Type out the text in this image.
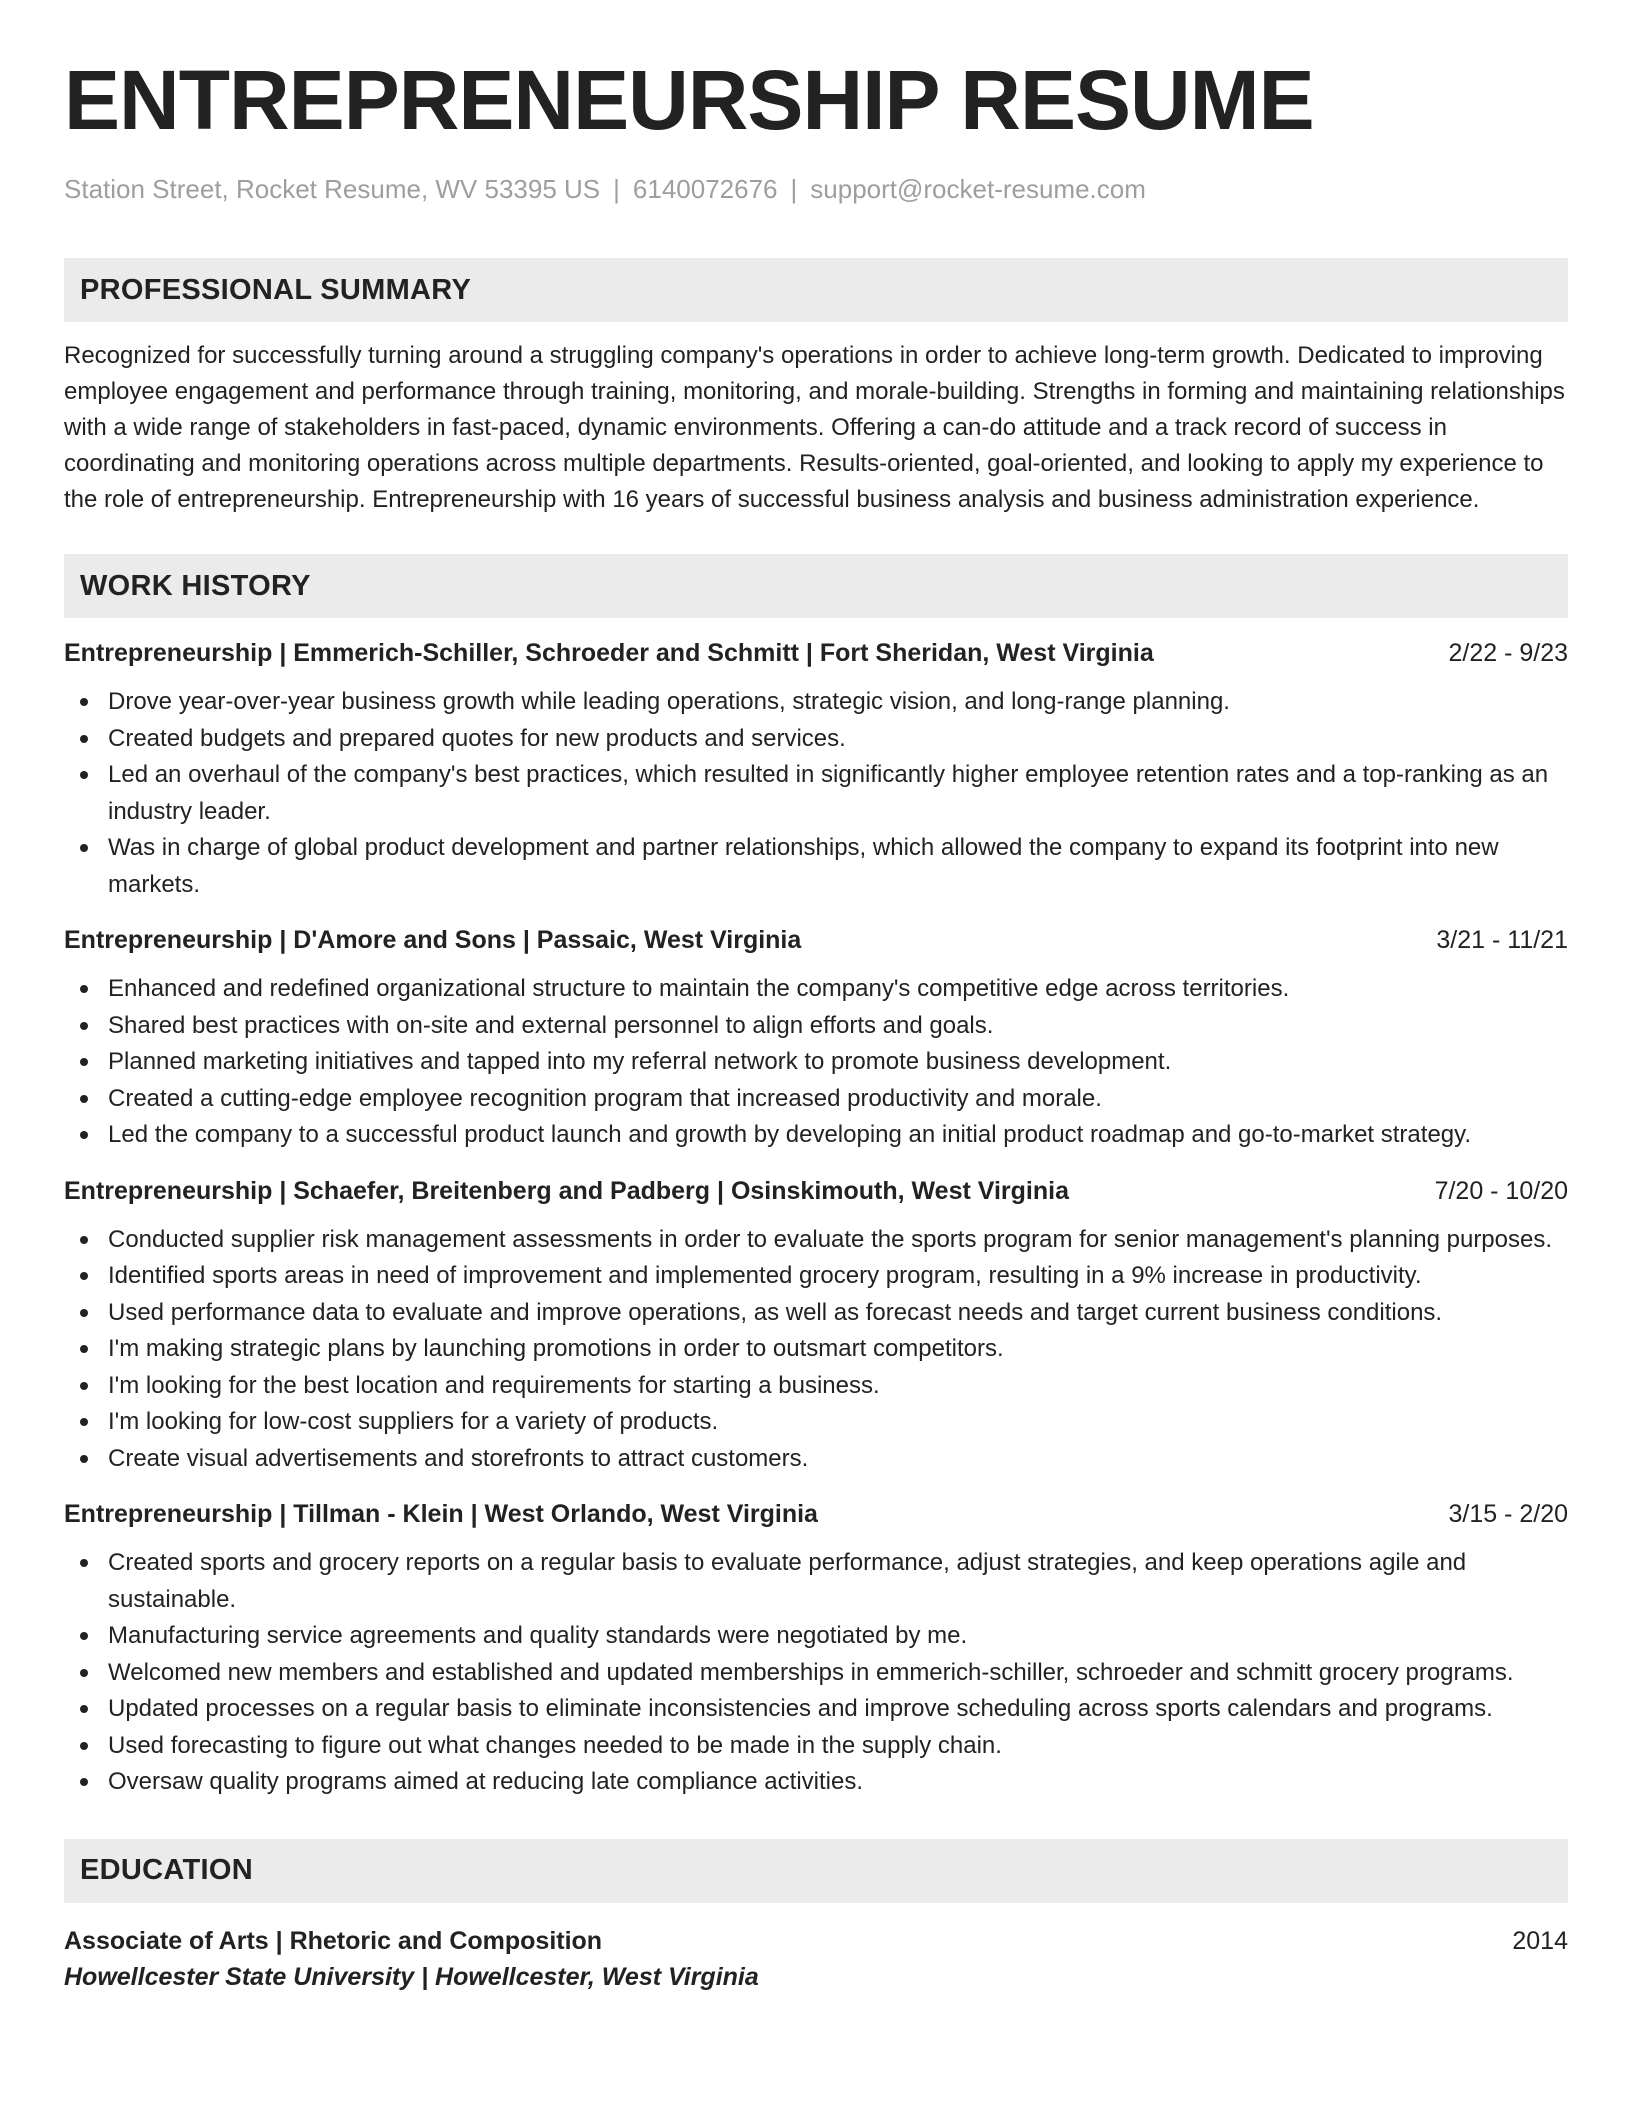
ENTREPRENEURSHIP RESUME
Station Street, Rocket Resume, WV 53395 US | 6140072676 | support@rocket-resume.com
PROFESSIONAL SUMMARY

Recognized for successfully turning around a struggling company's operations in order to achieve long-term growth. Dedicated to improving employee engagement and performance through training, monitoring, and morale-building. Strengths in forming and maintaining relationships with a wide range of stakeholders in fast-paced, dynamic environments. Offering a can-do attitude and a track record of success in coordinating and monitoring operations across multiple departments. Results-oriented, goal-oriented, and looking to apply my experience to the role of entrepreneurship. Entrepreneurship with 16 years of successful business analysis and business administration experience.

WORK HISTORY
Entrepreneurship | Emmerich-Schiller, Schroeder and Schmitt | Fort Sheridan, West Virginia	2/22 - 9/23
Drove year-over-year business growth while leading operations, strategic vision, and long-range planning.
Created budgets and prepared quotes for new products and services.
Led an overhaul of the company's best practices, which resulted in significantly higher employee retention rates and a top-ranking as an industry leader.
Was in charge of global product development and partner relationships, which allowed the company to expand its footprint into new markets.
Entrepreneurship | D'Amore and Sons | Passaic, West Virginia	3/21 - 11/21
Enhanced and redefined organizational structure to maintain the company's competitive edge across territories.
Shared best practices with on-site and external personnel to align efforts and goals.
Planned marketing initiatives and tapped into my referral network to promote business development.
Created a cutting-edge employee recognition program that increased productivity and morale.
Led the company to a successful product launch and growth by developing an initial product roadmap and go-to-market strategy.
Entrepreneurship | Schaefer, Breitenberg and Padberg | Osinskimouth, West Virginia	7/20 - 10/20
Conducted supplier risk management assessments in order to evaluate the sports program for senior management's planning purposes.
Identified sports areas in need of improvement and implemented grocery program, resulting in a 9% increase in productivity.
Used performance data to evaluate and improve operations, as well as forecast needs and target current business conditions.
I'm making strategic plans by launching promotions in order to outsmart competitors.
I'm looking for the best location and requirements for starting a business.
I'm looking for low-cost suppliers for a variety of products.
Create visual advertisements and storefronts to attract customers.
Entrepreneurship | Tillman - Klein | West Orlando, West Virginia	3/15 - 2/20
Created sports and grocery reports on a regular basis to evaluate performance, adjust strategies, and keep operations agile and sustainable.
Manufacturing service agreements and quality standards were negotiated by me.
Welcomed new members and established and updated memberships in emmerich-schiller, schroeder and schmitt grocery programs.
Updated processes on a regular basis to eliminate inconsistencies and improve scheduling across sports calendars and programs.
Used forecasting to figure out what changes needed to be made in the supply chain.
Oversaw quality programs aimed at reducing late compliance activities.
EDUCATION
Associate of Arts | Rhetoric and Composition	2014
Howellcester State University | Howellcester, West Virginia
